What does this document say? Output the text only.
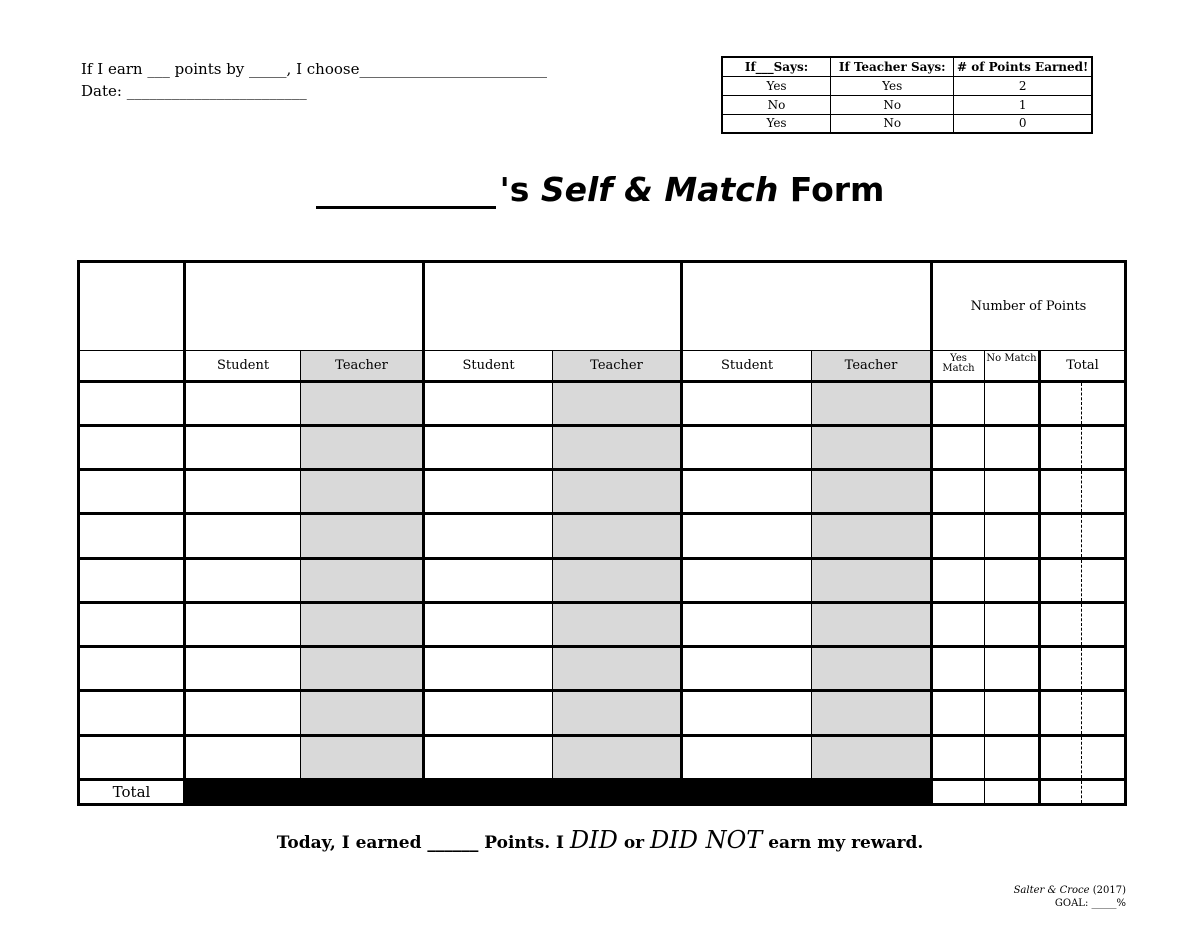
If I earn ___ points by _____, I choose_________________________
Date: ________________________
If___Says:	If Teacher Says:	# of Points Earned!
Yes	Yes	2
No	No	1
Yes	No	0
's Self & Match Form
							Number of Points		
	Student	Teacher	Student	Teacher	Student	Teacher	Yes Match	No Match	Total

Total									
Today, I earned ______ Points. I DID or DID NOT earn my reward.
Salter & Croce (2017)
GOAL: _____%
